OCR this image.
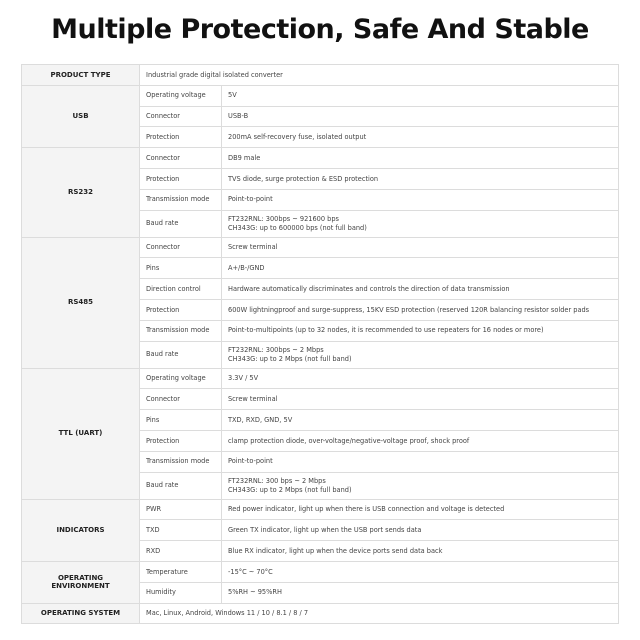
Multiple Protection, Safe And Stable
PRODUCT TYPE	Industrial grade digital isolated converter	
USB	Operating voltage	5V
	Connector	USB-B
	Protection	200mA self-recovery fuse, isolated output
RS232	Connector	DB9 male
	Protection	TVS diode, surge protection & ESD protection
	Transmission mode	Point-to-point
	Baud rate	FT232RNL: 300bps ~ 921600 bps
CH343G: up to 600000 bps (not full band)

RS485	Connector	Screw terminal
	Pins	A+/B-/GND
	Direction control	Hardware automatically discriminates and controls the direction of data transmission
	Protection	600W lightningproof and surge-suppress, 15KV ESD protection (reserved 120R balancing resistor solder pads
	Transmission mode	Point-to-multipoints (up to 32 nodes, it is recommended to use repeaters for 16 nodes or more)
	Baud rate	FT232RNL: 300bps ~ 2 Mbps
CH343G: up to 2 Mbps (not full band)

TTL (UART)	Operating voltage	3.3V / 5V
	Connector	Screw terminal
	Pins	TXD, RXD, GND, 5V
	Protection	clamp protection diode, over-voltage/negative-voltage proof, shock proof
	Transmission mode	Point-to-point
	Baud rate	FT232RNL: 300 bps ~ 2 Mbps
CH343G: up to 2 Mbps (not full band)

INDICATORS	PWR	Red power indicator, light up when there is USB connection and voltage is detected
	TXD	Green TX indicator, light up when the USB port sends data
	RXD	Blue RX indicator, light up when the device ports send data back
OPERATING ENVIRONMENT	Temperature	-15°C ~ 70°C
	Humidity	5%RH ~ 95%RH
OPERATING SYSTEM	Mac, Linux, Android, Windows 11 / 10 / 8.1 / 8 / 7	
